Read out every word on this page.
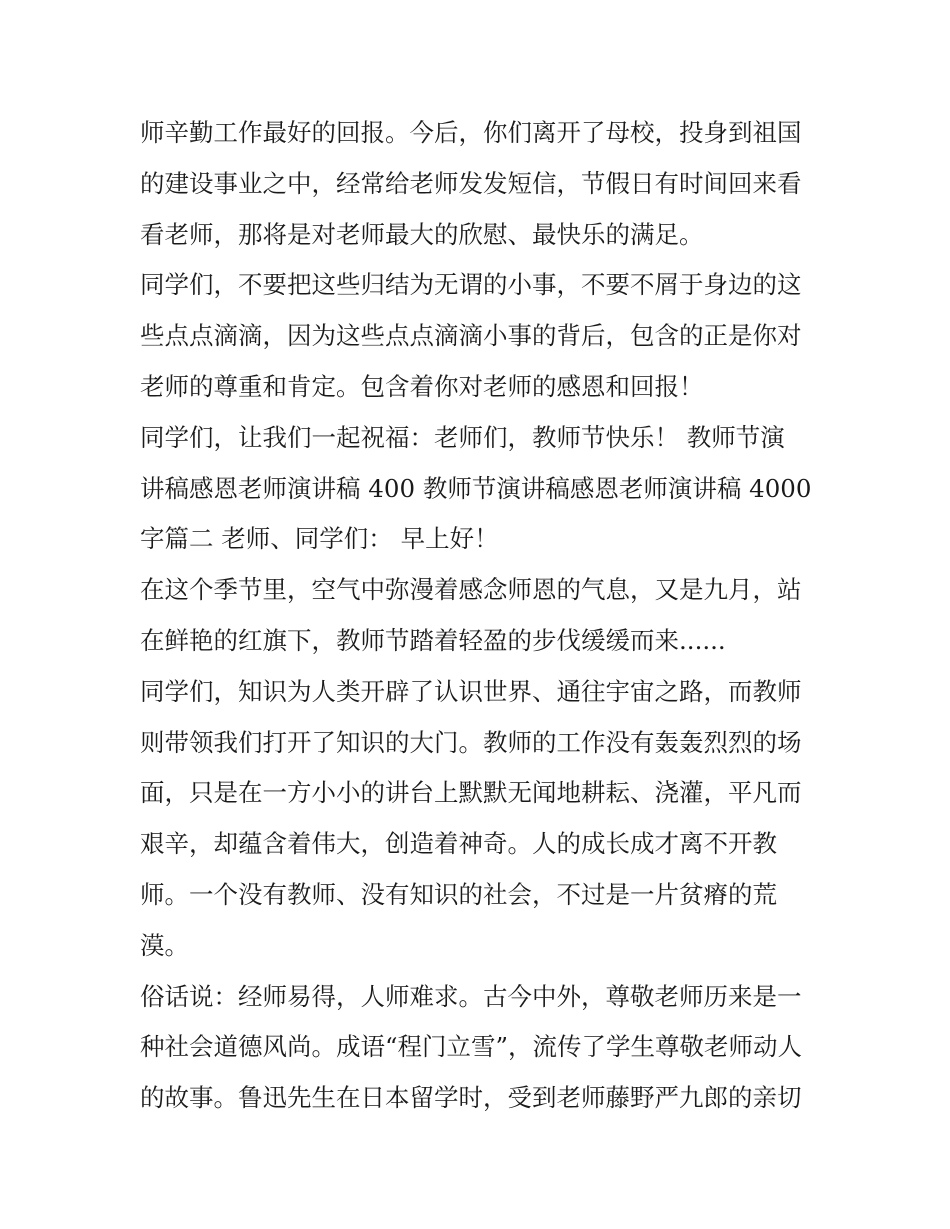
师辛勤工作最好的回报。今后，你们离开了母校，投身到祖国

的建设事业之中，经常给老师发发短信，节假日有时间回来看

看老师，那将是对老师最大的欣慰、最快乐的满足。

同学们，不要把这些归结为无谓的小事，不要不屑于身边的这

些点点滴滴，因为这些点点滴滴小事的背后，包含的正是你对

老师的尊重和肯定。包含着你对老师的感恩和回报！

同学们，让我们一起祝福：老师们，教师节快乐！ 教师节演

讲稿感恩老师演讲稿 400 教师节演讲稿感恩老师演讲稿 4000

字篇二 老师、同学们： 早上好！

在这个季节里，空气中弥漫着感念师恩的气息，又是九月，站

在鲜艳的红旗下，教师节踏着轻盈的步伐缓缓而来......

同学们，知识为人类开辟了认识世界、通往宇宙之路，而教师

则带领我们打开了知识的大门。教师的工作没有轰轰烈烈的场

面，只是在一方小小的讲台上默默无闻地耕耘、浇灌，平凡而

艰辛，却蕴含着伟大，创造着神奇。人的成长成才离不开教

师。一个没有教师、没有知识的社会，不过是一片贫瘠的荒

漠。

俗话说：经师易得，人师难求。古今中外，尊敬老师历来是一

种社会道德风尚。成语“程门立雪”，流传了学生尊敬老师动人

的故事。鲁迅先生在日本留学时，受到老师藤野严九郎的亲切
